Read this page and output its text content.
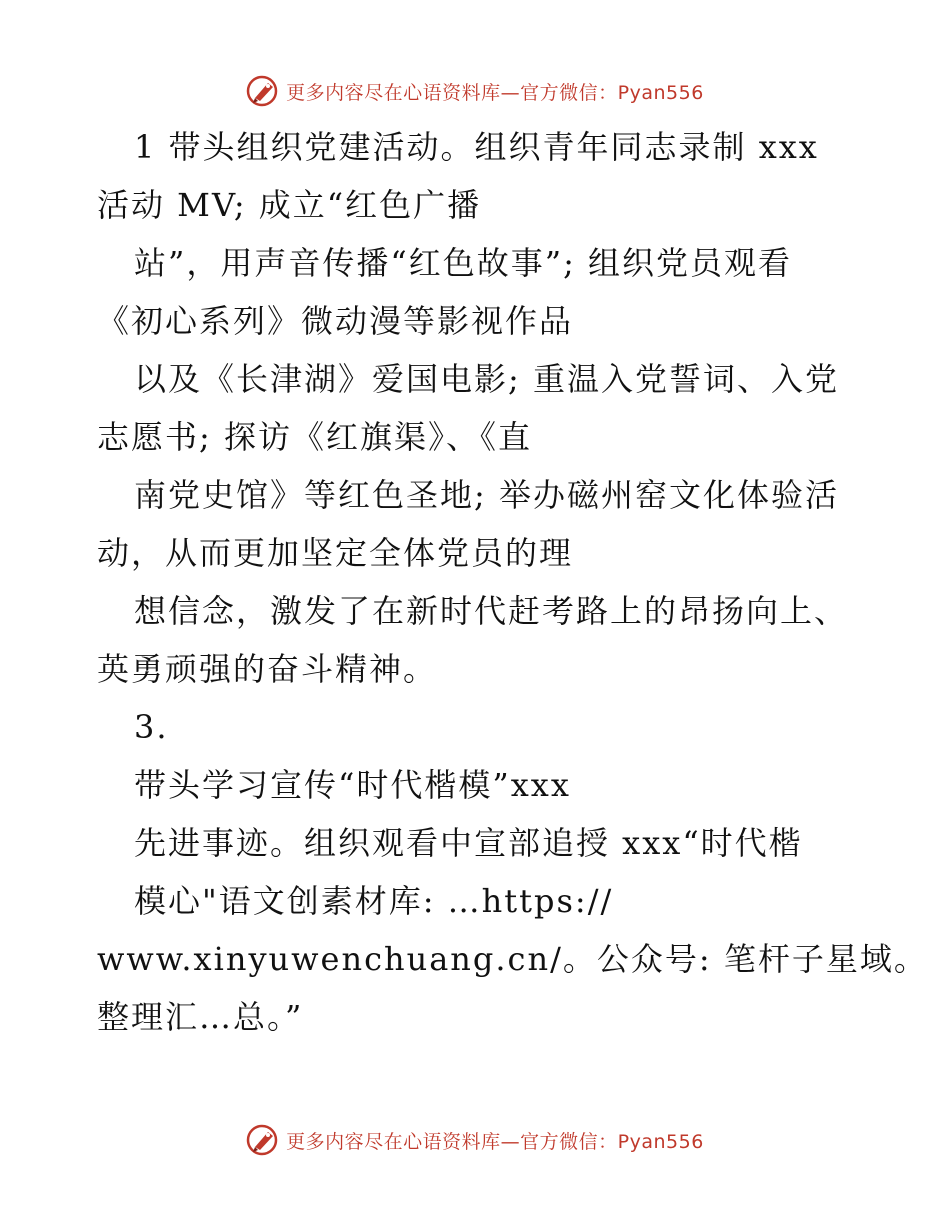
更多内容尽在心语资料库—官方微信：Pyan556
1 带头组织党建活动。组织青年同志录制 xxx
活动 MV; 成立“红色广播
站”，用声音传播“红色故事”; 组织党员观看
《初心系列》微动漫等影视作品
以及《长津湖》爱国电影; 重温入党誓词、入党
志愿书; 探访《红旗渠》、《直
南党史馆》等红色圣地; 举办磁州窑文化体验活
动，从而更加坚定全体党员的理
想信念，激发了在新时代赶考路上的昂扬向上、
英勇顽强的奋斗精神。
3.
带头学习宣传“时代楷模”xxx
先进事迹。组织观看中宣部追授 xxx“时代楷
模心"语文创素材库: …https://
www.xinyuwenchuang.cn/。公众号: 笔杆子星域。
整理汇…总。”
更多内容尽在心语资料库—官方微信：Pyan556
